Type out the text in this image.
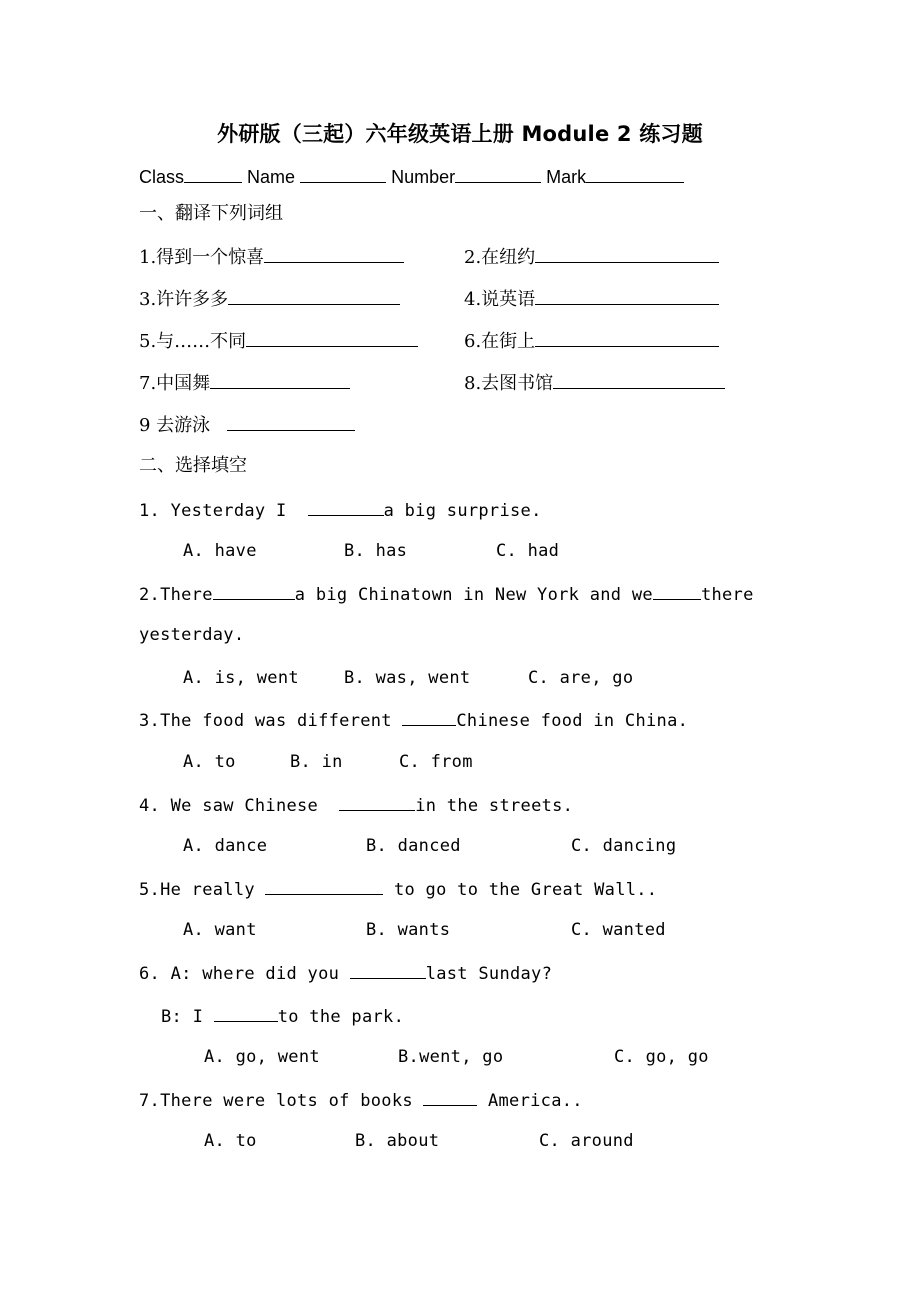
外研版（三起）六年级英语上册 Module 2 练习题
Class	Name	Number	Mark
一、翻译下列词组
1.得到一个惊喜	2.在纽约
3.许许多多	4.说英语
5.与……不同	6.在街上
7.中国舞	8.去图书馆
9 去游泳
二、选择填空
1. Yesterday I	a big surprise.
A. have	B. has	C. had
2.There	a big Chinatown in New York and we	there
yesterday.
A. is, went	B. was, went	C. are, go
3.The food was different	Chinese food in China.
A. to	B. in	C. from
4. We saw Chinese	in the streets.
A. dance	B. danced	C. dancing
5.He really	to go to the Great Wall..
A. want	B. wants	C. wanted
6. A: where did you	last Sunday?
B: I	to the park.
A. go, went	B.went, go	C. go, go
7.There were lots of books	America..
A. to	B. about	C. around
